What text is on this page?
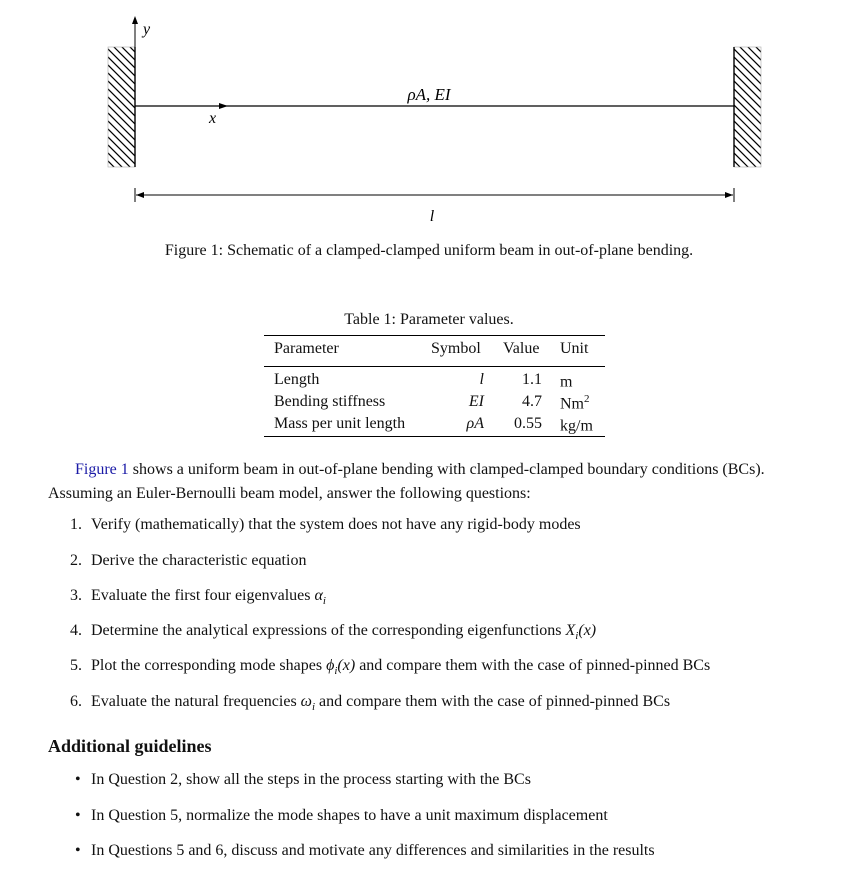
y
x
ρA, EI
l
Figure 1: Schematic of a clamped-clamped uniform beam in out-of-plane bending.
Table 1: Parameter values.
Parameter	Symbol Value Unit
Length	l 1.1 m
Bending stiffness	EI 4.7 Nm$^2$
Mass per unit length	ρA 0.55 kg/m

Figure 1 shows a uniform beam in out-of-plane bending with clamped-clamped boundary conditions (BCs). Assuming an Euler-Bernoulli beam model, answer the following questions:

1. Verify (mathematically) that the system does not have any rigid-body modes
2. Derive the characteristic equation
3. Evaluate the first four eigenvalues $\alpha_i$
4. Determine the analytical expressions of the corresponding eigenfunctions $X_i(x)$
5. Plot the corresponding mode shapes $\phi_i(x)$ and compare them with the case of pinned-pinned BCs
6. Evaluate the natural frequencies $\omega_i$ and compare them with the case of pinned-pinned BCs
Additional guidelines
• In Question 2, show all the steps in the process starting with the BCs
• In Question 5, normalize the mode shapes to have a unit maximum displacement
• In Questions 5 and 6, discuss and motivate any differences and similarities in the results
